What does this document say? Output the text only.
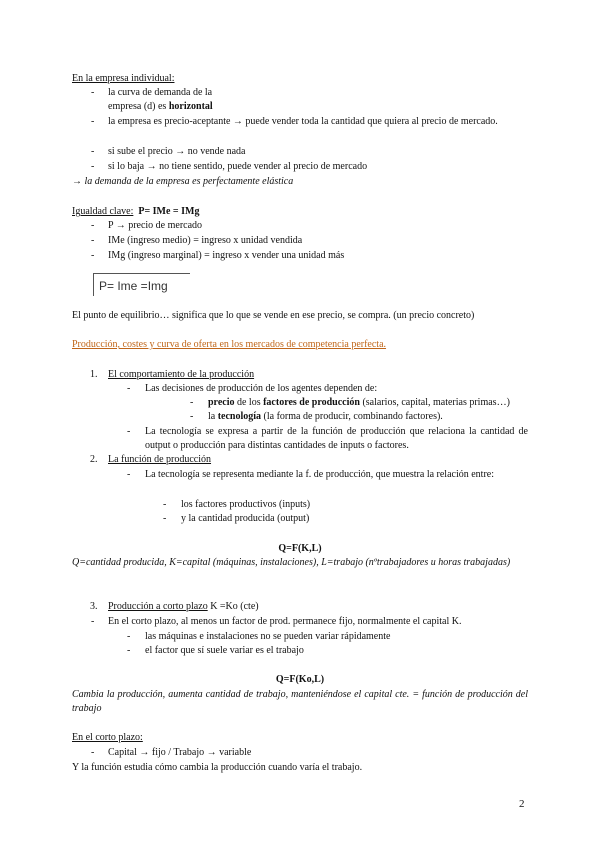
En la empresa individual:
- la curva de demanda de la
empresa (d) es horizontal
- la empresa es precio-aceptante → puede vender toda la cantidad que quiera al precio de mercado.
- si sube el precio → no vende nada
- si lo baja → no tiene sentido, puede vender al precio de mercado
→ la demanda de la empresa es perfectamente elástica
Igualdad clave: P= IMe = IMg
- P → precio de mercado
- IMe (ingreso medio) = ingreso x unidad vendida
- IMg (ingreso marginal) = ingreso x vender una unidad más
P= Ime =Img
El punto de equilibrio… significa que lo que se vende en ese precio, se compra. (un precio concreto)
Producción, costes y curva de oferta en los mercados de competencia perfecta.
1. El comportamiento de la producción
- Las decisiones de producción de los agentes dependen de:
- precio de los factores de producción (salarios, capital, materias primas…)
- la tecnología (la forma de producir, combinando factores).
- La tecnología se expresa a partir de la función de producción que relaciona la cantidad de output o producción para distintas cantidades de inputs o factores.
2. La función de producción
- La tecnología se representa mediante la f. de producción, que muestra la relación entre:
- los factores productivos (inputs)
- y la cantidad producida (output)
Q=F(K,L)
Q=cantidad producida, K=capital (máquinas, instalaciones), L=trabajo (nºtrabajadores u horas trabajadas)
3. Producción a corto plazo K =Ko (cte)
- En el corto plazo, al menos un factor de prod. permanece fijo, normalmente el capital K.
- las máquinas e instalaciones no se pueden variar rápidamente
- el factor que sí suele variar es el trabajo
Q=F(Ko,L)
Cambia la producción, aumenta cantidad de trabajo, manteniéndose el capital cte. = función de producción del trabajo
En el corto plazo:
- Capital → fijo / Trabajo → variable
Y la función estudia cómo cambia la producción cuando varía el trabajo.
2
